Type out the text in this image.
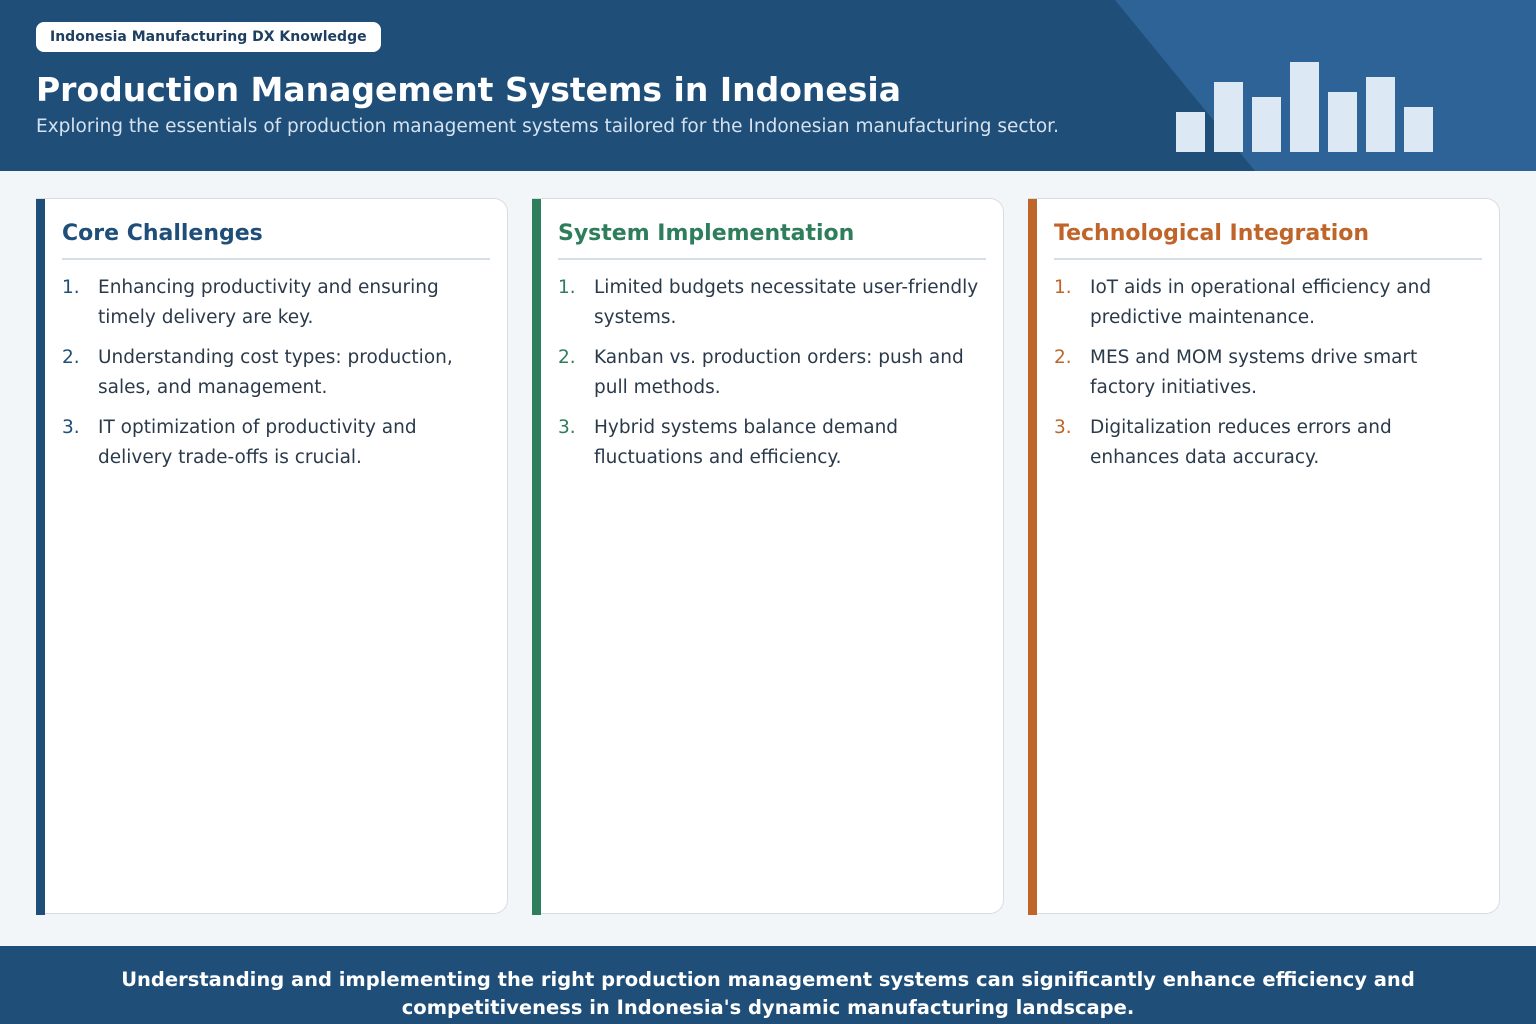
Indonesia Manufacturing DX Knowledge
Production Management Systems in Indonesia

Exploring the essentials of production management systems tailored for the Indonesian manufacturing sector.

Core Challenges
1. Enhancing productivity and ensuring timely delivery are key.
2. Understanding cost types: production, sales, and management.
3. IT optimization of productivity and delivery trade-offs is crucial.
System Implementation
1. Limited budgets necessitate user-friendly systems.
2. Kanban vs. production orders: push and pull methods.
3. Hybrid systems balance demand fluctuations and efficiency.
Technological Integration
1. IoT aids in operational efficiency and predictive maintenance.
2. MES and MOM systems drive smart factory initiatives.
3. Digitalization reduces errors and enhances data accuracy.

Understanding and implementing the right production management systems can significantly enhance efficiency and competitiveness in Indonesia's dynamic manufacturing landscape.
